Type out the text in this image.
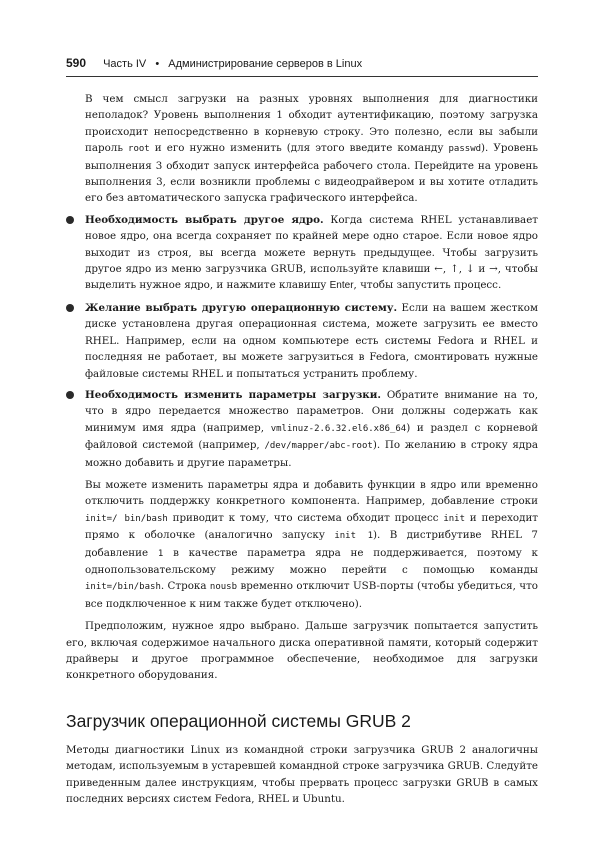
590 Часть IV • Администрирование серверов в Linux

В чем смысл загрузки на разных уровнях выполнения для диагностики неполадок? Уровень выполнения 1 обходит аутентификацию, поэтому загрузка происходит непосредственно в корневую строку. Это полезно, если вы забыли пароль root и его нужно изменить (для этого введите команду passwd). Уровень выполнения 3 обходит запуск интерфейса рабочего стола. Перейдите на уровень выполнения 3, если возникли проблемы с видеодрайвером и вы хотите отладить его без автоматического запуска графического интерфейса.

Необходимость выбрать другое ядро. Когда система RHEL устанавливает новое ядро, она всегда сохраняет по крайней мере одно старое. Если новое ядро выходит из строя, вы всегда можете вернуть предыдущее. Чтобы загрузить другое ядро из меню загрузчика GRUB, используйте клавиши ←, ↑, ↓ и →, чтобы выделить нужное ядро, и нажмите клавишу Enter, чтобы запустить процесс.

Желание выбрать другую операционную систему. Если на вашем жестком диске установлена другая операционная система, можете загрузить ее вместо RHEL. Например, если на одном компьютере есть системы Fedora и RHEL и последняя не работает, вы можете загрузиться в Fedora, смонтировать нужные файловые системы RHEL и попытаться устранить проблему.

Необходимость изменить параметры загрузки. Обратите внимание на то, что в ядро передается множество параметров. Они должны содержать как минимум имя ядра (например, vmlinuz-2.6.32.el6.x86_64) и раздел с корневой файловой системой (например, /dev/mapper/abc-root). По желанию в строку ядра можно добавить и другие параметры.

Вы можете изменить параметры ядра и добавить функции в ядро или временно отключить поддержку конкретного компонента. Например, добавление строки init=/ bin/bash приводит к тому, что система обходит процесс init и переходит прямо к оболочке (аналогично запуску init 1). В дистрибутиве RHEL 7 добавление 1 в качестве параметра ядра не поддерживается, поэтому к однопользовательскому режиму можно перейти с помощью команды init=/bin/bash. Строка nousb временно отключит USB-порты (чтобы убедиться, что все подключенное к ним также будет отключено).

Предположим, нужное ядро выбрано. Дальше загрузчик попытается запустить его, включая содержимое начального диска оперативной памяти, который содержит драйверы и другое программное обеспечение, необходимое для загрузки конкретного оборудования.

Загрузчик операционной системы GRUB 2

Методы диагностики Linux из командной строки загрузчика GRUB 2 аналогичны методам, используемым в устаревшей командной строке загрузчика GRUB. Следуйте приведенным далее инструкциям, чтобы прервать процесс загрузки GRUB в самых последних версиях систем Fedora, RHEL и Ubuntu.
